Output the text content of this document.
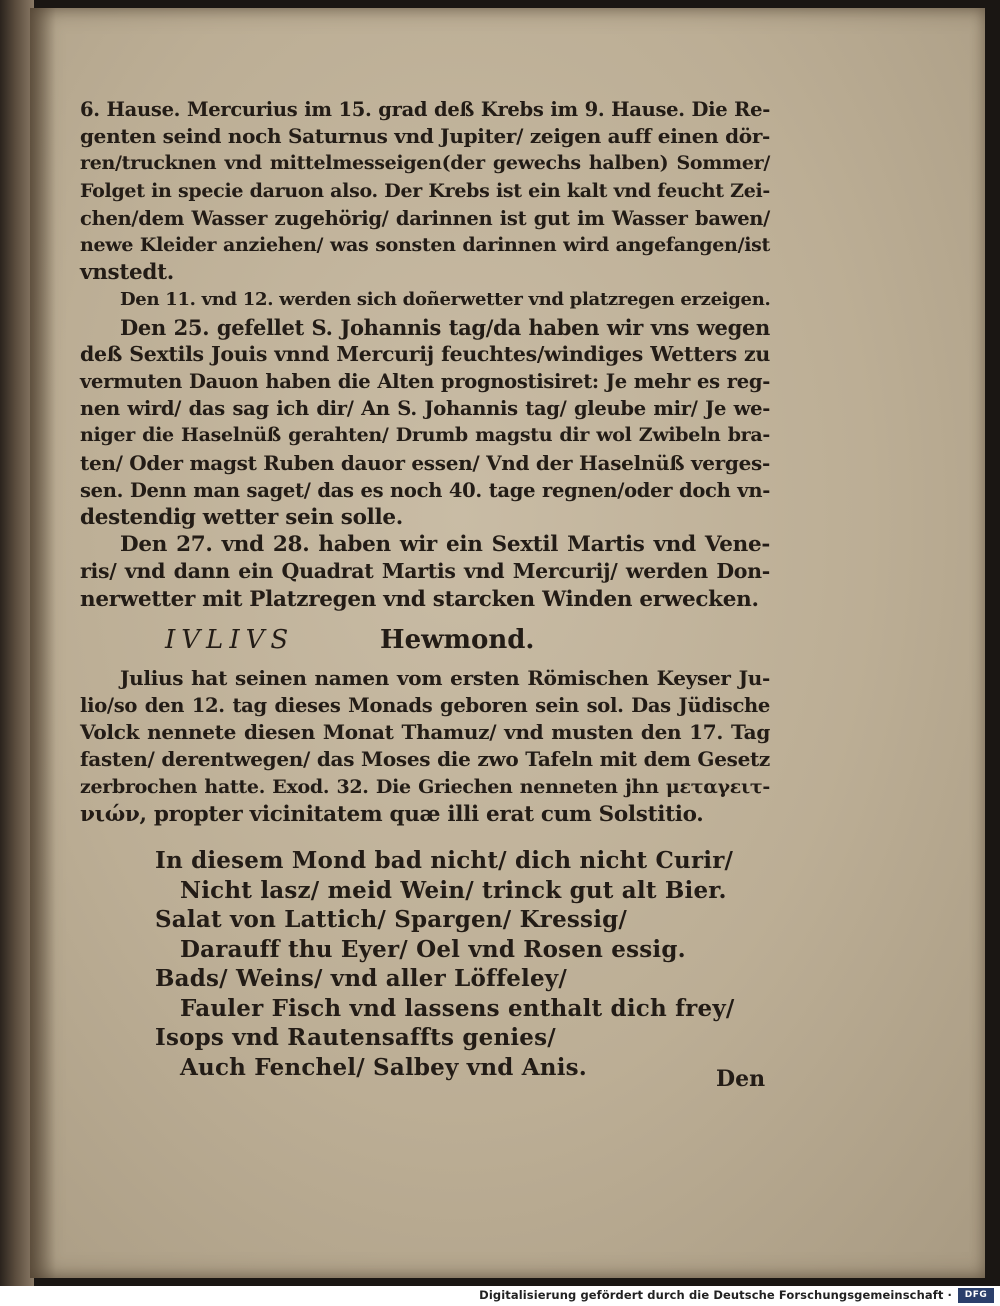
6. Hause. Mercurius im 15. grad deß Krebs im 9. Hause. Die Re-
genten seind noch Saturnus vnd Jupiter/ zeigen auff einen dör-
ren/trucknen vnd mittelmesseigen(der gewechs halben) Sommer/
Folget in specie daruon also. Der Krebs ist ein kalt vnd feucht Zei-
chen/dem Wasser zugehörig/ darinnen ist gut im Wasser bawen/
newe Kleider anziehen/ was sonsten darinnen wird angefangen/ist
vnstedt.
Den 11. vnd 12. werden sich doñerwetter vnd platzregen erzeigen.
Den 25. gefellet S. Johannis tag/da haben wir vns wegen
deß Sextils Jouis vnnd Mercurij feuchtes/windiges Wetters zu
vermuten Dauon haben die Alten prognostisiret: Je mehr es reg-
nen wird/ das sag ich dir/ An S. Johannis tag/ gleube mir/ Je we-
niger die Haselnüß gerahten/ Drumb magstu dir wol Zwibeln bra-
ten/ Oder magst Ruben dauor essen/ Vnd der Haselnüß verges-
sen. Denn man saget/ das es noch 40. tage regnen/oder doch vn-
destendig wetter sein solle.
Den 27. vnd 28. haben wir ein Sextil Martis vnd Vene-
ris/ vnd dann ein Quadrat Martis vnd Mercurij/ werden Don-
nerwetter mit Platzregen vnd starcken Winden erwecken.
IVLIVS	Hewmond.
Julius hat seinen namen vom ersten Römischen Keyser Ju-
lio/so den 12. tag dieses Monads geboren sein sol. Das Jüdische
Volck nennete diesen Monat Thamuz/ vnd musten den 17. Tag
fasten/ derentwegen/ das Moses die zwo Tafeln mit dem Gesetz
zerbrochen hatte. Exod. 32. Die Griechen nenneten jhn μεταγειτ-
νιών, propter vicinitatem quæ illi erat cum Solstitio.
In diesem Mond bad nicht/ dich nicht Curir/
Nicht lasz/ meid Wein/ trinck gut alt Bier.
Salat von Lattich/ Spargen/ Kressig/
Darauff thu Eyer/ Oel vnd Rosen essig.
Bads/ Weins/ vnd aller Löffeley/
Fauler Fisch vnd lassens enthalt dich frey/
Isops vnd Rautensaffts genies/
Auch Fenchel/ Salbey vnd Anis.	Den
Digitalisierung gefördert durch die Deutsche Forschungsgemeinschaft ·	DFG
